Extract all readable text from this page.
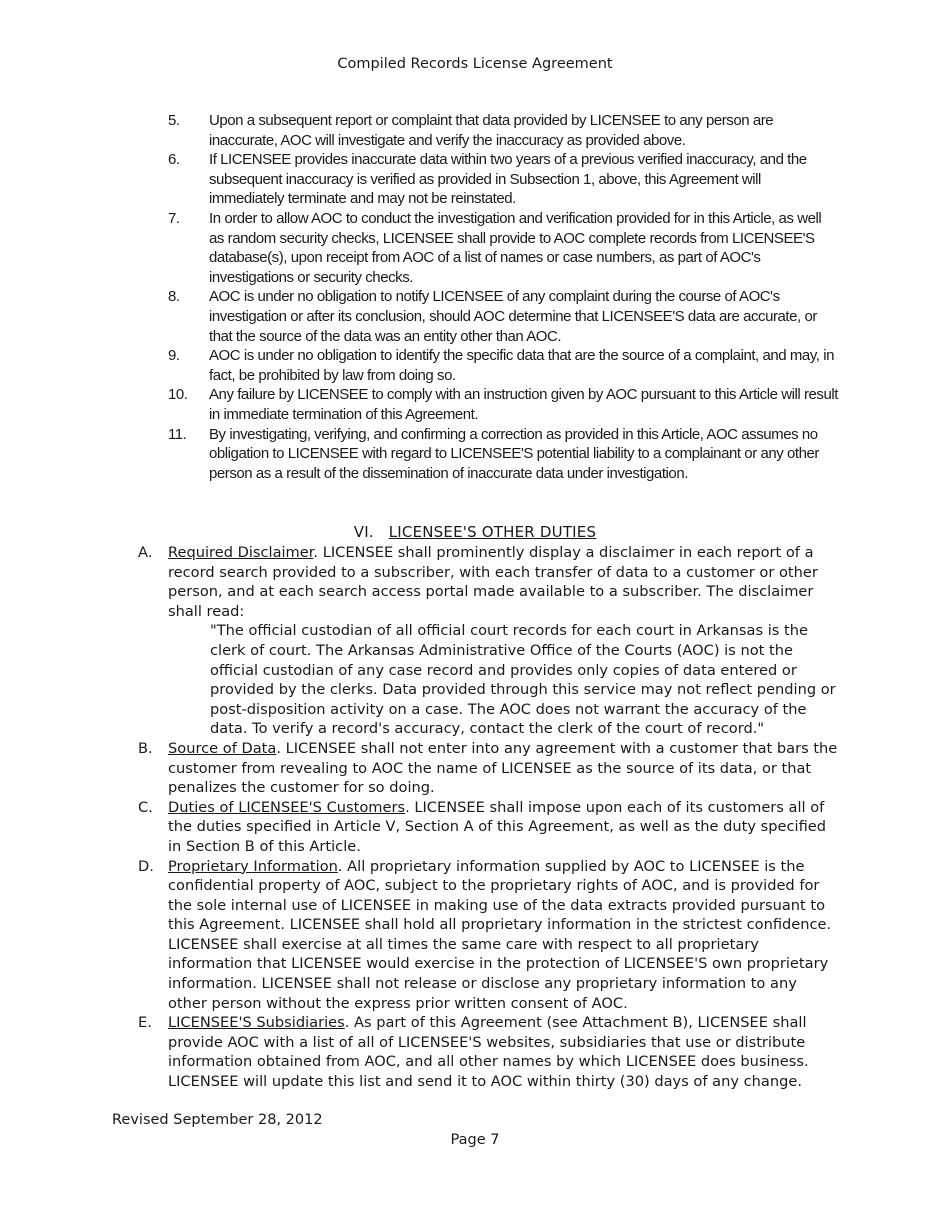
Compiled Records License Agreement
5.	Upon a subsequent report or complaint that data provided by LICENSEE to any person are inaccurate, AOC will investigate and verify the inaccuracy as provided above.
6.	If LICENSEE provides inaccurate data within two years of a previous verified inaccuracy, and the subsequent inaccuracy is verified as provided in Subsection 1, above, this Agreement will immediately terminate and may not be reinstated.
7.	In order to allow AOC to conduct the investigation and verification provided for in this Article, as well as random security checks, LICENSEE shall provide to AOC complete records from LICENSEE'S database(s), upon receipt from AOC of a list of names or case numbers, as part of AOC's investigations or security checks.
8.	AOC is under no obligation to notify LICENSEE of any complaint during the course of AOC's investigation or after its conclusion, should AOC determine that LICENSEE'S data are accurate, or that the source of the data was an entity other than AOC.
9.	AOC is under no obligation to identify the specific data that are the source of a complaint, and may, in fact, be prohibited by law from doing so.
10.	Any failure by LICENSEE to comply with an instruction given by AOC pursuant to this Article will result in immediate termination of this Agreement.
11.	By investigating, verifying, and confirming a correction as provided in this Article, AOC assumes no obligation to LICENSEE with regard to LICENSEE'S potential liability to a complainant or any other person as a result of the dissemination of inaccurate data under investigation.
VI. LICENSEE'S OTHER DUTIES
A.	Required Disclaimer. LICENSEE shall prominently display a disclaimer in each report of a record search provided to a subscriber, with each transfer of data to a customer or other person, and at each search access portal made available to a subscriber. The disclaimer shall read:
"The official custodian of all official court records for each court in Arkansas is the clerk of court. The Arkansas Administrative Office of the Courts (AOC) is not the official custodian of any case record and provides only copies of data entered or provided by the clerks. Data provided through this service may not reflect pending or post-disposition activity on a case. The AOC does not warrant the accuracy of the data. To verify a record's accuracy, contact the clerk of the court of record."
B.	Source of Data. LICENSEE shall not enter into any agreement with a customer that bars the customer from revealing to AOC the name of LICENSEE as the source of its data, or that penalizes the customer for so doing.
C.	Duties of LICENSEE'S Customers. LICENSEE shall impose upon each of its customers all of the duties specified in Article V, Section A of this Agreement, as well as the duty specified in Section B of this Article.
D. Proprietary Information. All proprietary information supplied by AOC to LICENSEE is the confidential property of AOC, subject to the proprietary rights of AOC, and is provided for the sole internal use of LICENSEE in making use of the data extracts provided pursuant to this Agreement. LICENSEE shall hold all proprietary information in the strictest confidence. LICENSEE shall exercise at all times the same care with respect to all proprietary information that LICENSEE would exercise in the protection of LICENSEE'S own proprietary information. LICENSEE shall not release or disclose any proprietary information to any other person without the express prior written consent of AOC.
E.	LICENSEE'S Subsidiaries. As part of this Agreement (see Attachment B), LICENSEE shall provide AOC with a list of all of LICENSEE'S websites, subsidiaries that use or distribute information obtained from AOC, and all other names by which LICENSEE does business. LICENSEE will update this list and send it to AOC within thirty (30) days of any change.
Revised September 28, 2012
Page 7
